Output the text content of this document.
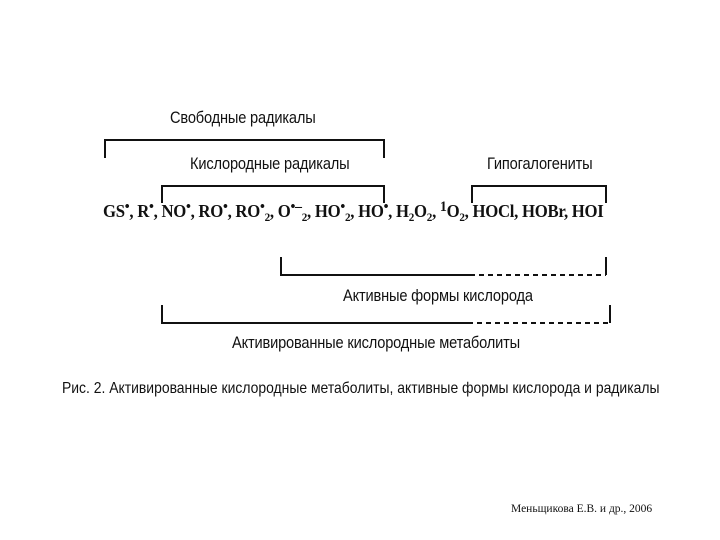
Свободные радикалы
Кислородные радикалы	Гипогалогениты
GS•, R•, NO•, RO•, $RO^•_2$, $O^{•-}_2$, $HO^•_2$, HO•, $H_2O_2$, $^1O_2$, HOCl, HOBr, HOI
Активные формы кислорода
Активированные кислородные метаболиты
Рис. 2. Активированные кислородные метаболиты, активные формы кислорода и радикалы
Меньщикова Е.В. и др., 2006
